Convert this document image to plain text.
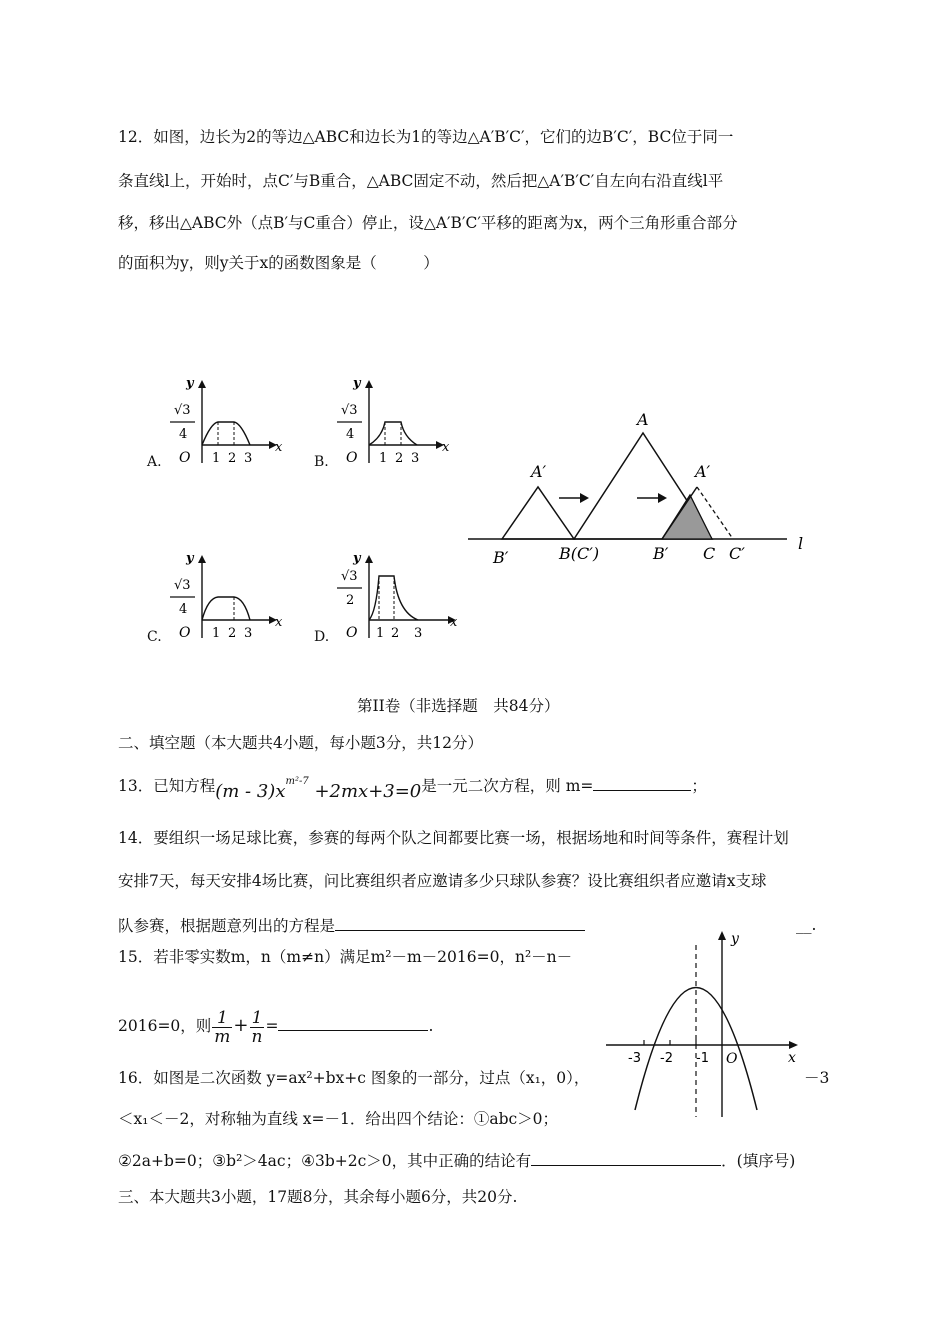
12．如图，边长为2的等边△ABC和边长为1的等边△A′B′C′，它们的边B′C′，BC位于同一
条直线l上，开始时，点C′与B重合，△ABC固定不动，然后把△A′B′C′自左向右沿直线l平
移，移出△ABC外（点B′与C重合）停止，设△A′B′C′平移的距离为x，两个三角形重合部分
的面积为y，则y关于x的函数图象是（　　　）
A.	B.
C.	D.
y
x
√3
4
O 1 2 3
y
x
√3
4
O 1 2 3
y
x
√3
4
O 1 2 3
y
x
√3
2
O 1 2 3
A
A′	A′
B′	B(C′)	B′ C C′
l
第II卷（非选择题　共84分）
二、填空题（本大题共4小题，每小题3分，共12分）
13．已知方程$(m - 3)x^{m^2-7} +2mx+3=0$是一元二次方程，则 m=	；
14．要组织一场足球比赛，参赛的每两个队之间都要比赛一场，根据场地和时间等条件，赛程计划
安排7天，每天安排4场比赛，问比赛组织者应邀请多少只球队参赛？设比赛组织者应邀请x支球
队参赛，根据题意列出的方程是	__.
15．若非零实数m，n（m≠n）满足m²－m－2016=0，n²－n－
2016=0，则 $\frac{1}{m} + \frac{1}{n}$ =	.
16．如图是二次函数 y=ax²+bx+c 图象的一部分，过点（x₁，0），	－3
＜x₁＜－2，对称轴为直线 x=－1．给出四个结论：①abc＞0；
②2a+b=0；③b²＞4ac；④3b+2c＞0，其中正确的结论有	．(填序号)
y
x
O
-3 -2 -1
三、本大题共3小题，17题8分，其余每小题6分，共20分.
